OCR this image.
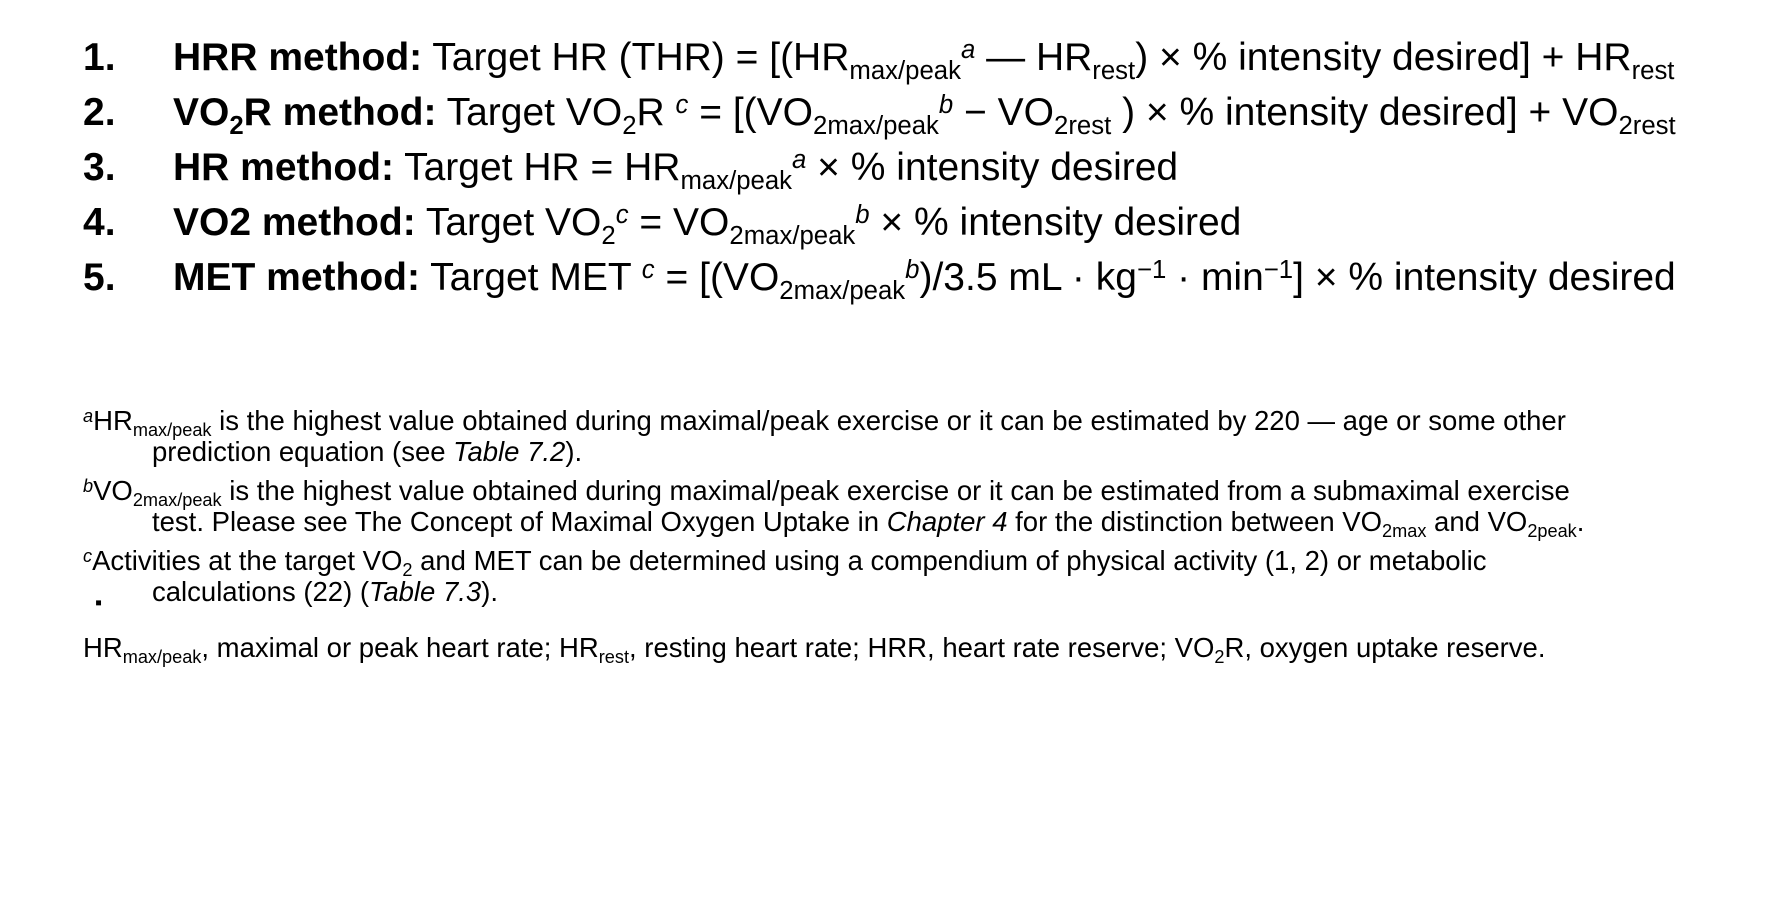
1. HRR method: Target HR $(THR) = [(HR_{max/peak}^a$ — $HR_{rest}$) × % intensity desired] + $HR_{rest}$
2. $VO_2R$ method: Target $VO_2R$ $^c = [(VO_{2max/peak}^b - VO_{2rest}$ ) × % intensity desired] + $VO_{2rest}$
3. HR method: Target HR = $HR_{max/peak}^a$ × % intensity desired
4. VO2 method: Target $VO_2^c = VO_{2max/peak}^b$ × % intensity desired
5. MET method: Target MET $^c = [(VO_{2max/peak}^b)/3.5$ mL · $kg^{-1} \cdot \min^{-1}$] × % intensity desired
$^aHR_{max/peak}$ is the highest value obtained during maximal/peak exercise or it can be estimated by 220 — age or some other
prediction equation (see Table 7.2).
$^bVO_{2max/peak}$ is the highest value obtained during maximal/peak exercise or it can be estimated from a submaximal exercise
test. Please see The Concept of Maximal Oxygen Uptake in Chapter 4 for the distinction between $VO_{2max}$ and $VO_{2peak}$.
▪
$^c$Activities at the target $VO_2$ and MET can be determined using a compendium of physical activity (1, 2) or metabolic
calculations (22) (Table 7.3).
$HR_{max/peak}$, maximal or peak heart rate; $HR_{rest}$, resting heart rate; HRR, heart rate reserve; $VO_2R$, oxygen uptake reserve.
